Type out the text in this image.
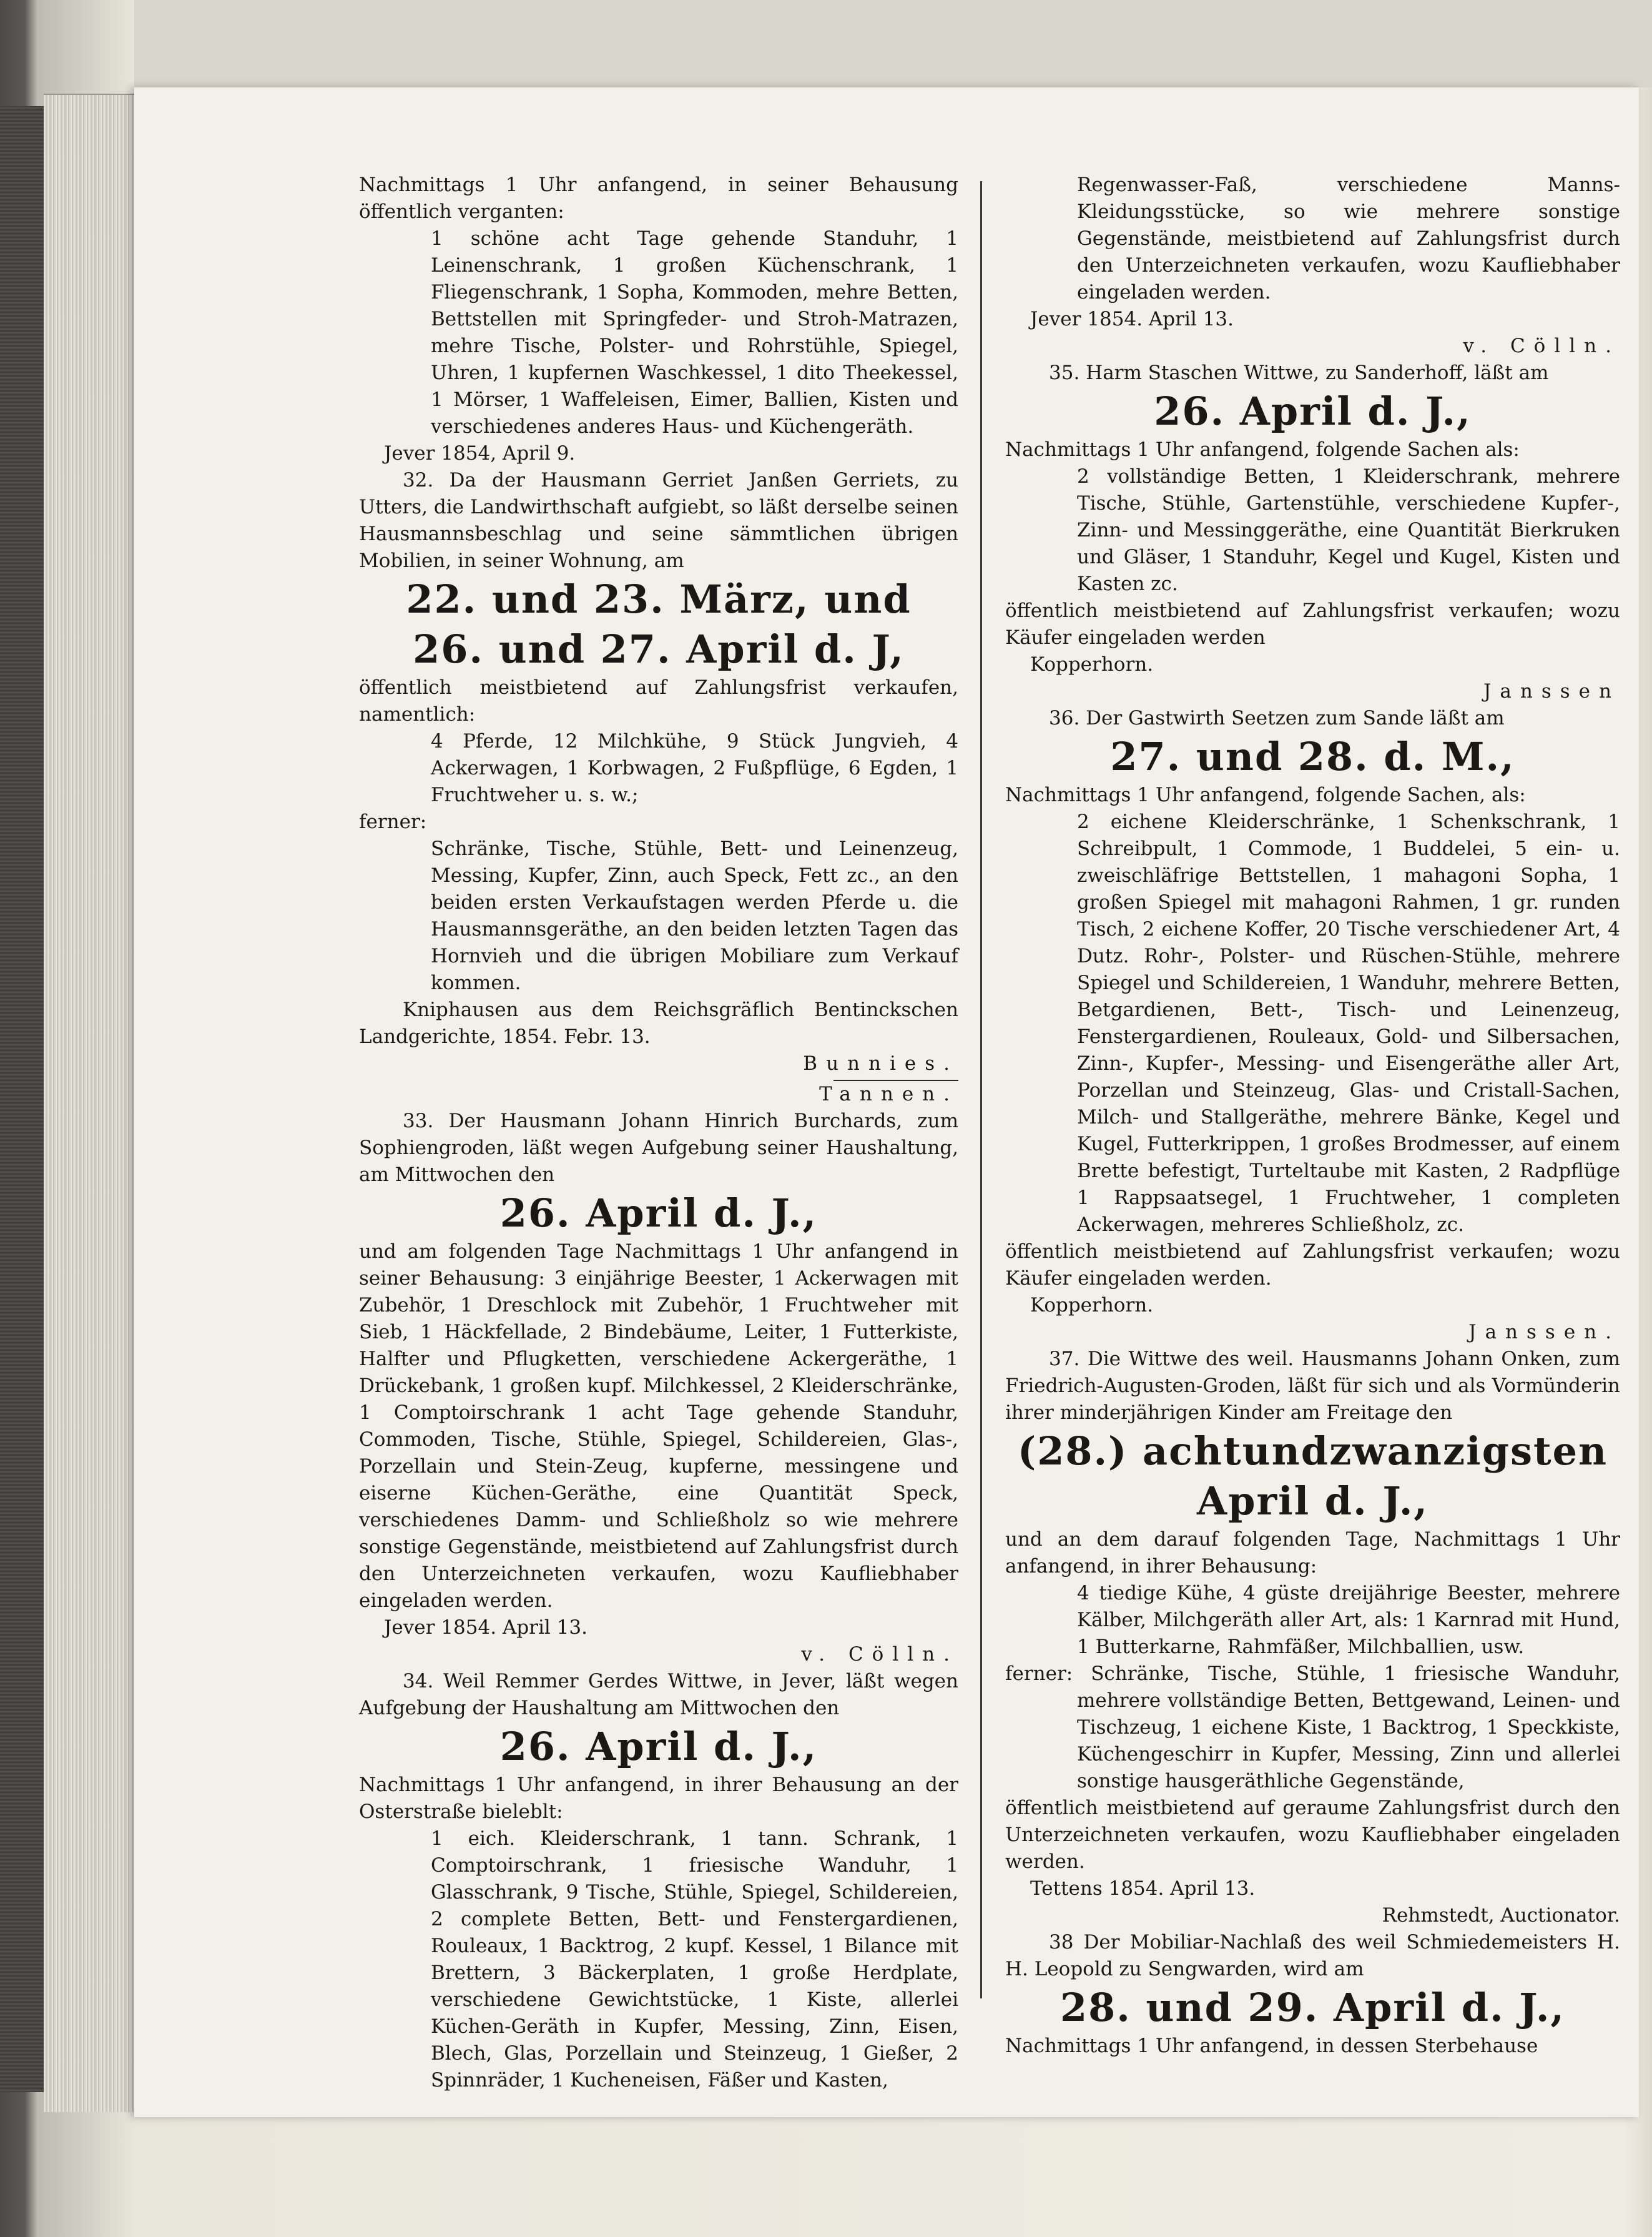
Nachmittags 1 Uhr anfangend, in seiner Behausung öffentlich verganten:

1 schöne acht Tage gehende Standuhr, 1 Leinenschrank, 1 großen Küchenschrank, 1 Fliegenschrank, 1 Sopha, Kommoden, mehre Betten, Bettstellen mit Springfeder- und Stroh-Matrazen, mehre Tische, Polster- und Rohrstühle, Spiegel, Uhren, 1 kupfernen Waschkessel, 1 dito Theekessel, 1 Mörser, 1 Waffeleisen, Eimer, Ballien, Kisten und verschiedenes anderes Haus- und Küchengeräth.

Jever 1854, April 9.

32. Da der Hausmann Gerriet Janßen Gerriets, zu Utters, die Landwirthschaft aufgiebt, so läßt derselbe seinen Hausmannsbeschlag und seine sämmtlichen übrigen Mobilien, in seiner Wohnung, am

22. und 23. März, und

26. und 27. April d. J,

öffentlich meistbietend auf Zahlungsfrist verkaufen, namentlich:

4 Pferde, 12 Milchkühe, 9 Stück Jungvieh, 4 Ackerwagen, 1 Korbwagen, 2 Fußpflüge, 6 Egden, 1 Fruchtweher u. s. w.;

ferner:

Schränke, Tische, Stühle, Bett- und Leinenzeug, Messing, Kupfer, Zinn, auch Speck, Fett zc., an den beiden ersten Verkaufstagen werden Pferde u. die Hausmannsgeräthe, an den beiden letzten Tagen das Hornvieh und die übrigen Mobiliare zum Verkauf kommen.

Kniphausen aus dem Reichsgräflich Bentinckschen Landgerichte, 1854. Febr. 13.

Bunnies.

Tannen.

33. Der Hausmann Johann Hinrich Burchards, zum Sophiengroden, läßt wegen Aufgebung seiner Haushaltung, am Mittwochen den

26. April d. J.,

und am folgenden Tage Nachmittags 1 Uhr anfangend in seiner Behausung: 3 einjährige Beester, 1 Ackerwagen mit Zubehör, 1 Dreschlock mit Zubehör, 1 Fruchtweher mit Sieb, 1 Häckfellade, 2 Bindebäume, Leiter, 1 Futterkiste, Halfter und Pflugketten, verschiedene Ackergeräthe, 1 Drückebank, 1 großen kupf. Milchkessel, 2 Kleiderschränke, 1 Comptoirschrank 1 acht Tage gehende Standuhr, Commoden, Tische, Stühle, Spiegel, Schildereien, Glas-, Porzellain und Stein-Zeug, kupferne, messingene und eiserne Küchen-Geräthe, eine Quantität Speck, verschiedenes Damm- und Schließholz so wie mehrere sonstige Gegenstände, meistbietend auf Zahlungsfrist durch den Unterzeichneten verkaufen, wozu Kaufliebhaber eingeladen werden.

Jever 1854. April 13.

v. Cölln.

34. Weil Remmer Gerdes Wittwe, in Jever, läßt wegen Aufgebung der Haushaltung am Mittwochen den

26. April d. J.,

Nachmittags 1 Uhr anfangend, in ihrer Behausung an der Osterstraße bieleblt:

1 eich. Kleiderschrank, 1 tann. Schrank, 1 Comptoirschrank, 1 friesische Wanduhr, 1 Glasschrank, 9 Tische, Stühle, Spiegel, Schildereien, 2 complete Betten, Bett- und Fenstergardienen, Rouleaux, 1 Backtrog, 2 kupf. Kessel, 1 Bilance mit Brettern, 3 Bäckerplaten, 1 große Herdplate, verschiedene Gewichtstücke, 1 Kiste, allerlei Küchen-Geräth in Kupfer, Messing, Zinn, Eisen, Blech, Glas, Porzellain und Steinzeug, 1 Gießer, 2 Spinnräder, 1 Kucheneisen, Fäßer und Kasten,

Regenwasser-Faß, verschiedene Manns-Kleidungsstücke, so wie mehrere sonstige Gegenstände, meistbietend auf Zahlungsfrist durch den Unterzeichneten verkaufen, wozu Kaufliebhaber eingeladen werden.

Jever 1854. April 13.

v. Cölln.

35. Harm Staschen Wittwe, zu Sanderhoff, läßt am

26. April d. J.,

Nachmittags 1 Uhr anfangend, folgende Sachen als:

2 vollständige Betten, 1 Kleiderschrank, mehrere Tische, Stühle, Gartenstühle, verschiedene Kupfer-, Zinn- und Messinggeräthe, eine Quantität Bierkruken und Gläser, 1 Standuhr, Kegel und Kugel, Kisten und Kasten zc.

öffentlich meistbietend auf Zahlungsfrist verkaufen; wozu Käufer eingeladen werden

Kopperhorn.

Janssen

36. Der Gastwirth Seetzen zum Sande läßt am

27. und 28. d. M.,

Nachmittags 1 Uhr anfangend, folgende Sachen, als:

2 eichene Kleiderschränke, 1 Schenkschrank, 1 Schreibpult, 1 Commode, 1 Buddelei, 5 ein- u. zweischläfrige Bettstellen, 1 mahagoni Sopha, 1 großen Spiegel mit mahagoni Rahmen, 1 gr. runden Tisch, 2 eichene Koffer, 20 Tische verschiedener Art, 4 Dutz. Rohr-, Polster- und Rüschen-Stühle, mehrere Spiegel und Schildereien, 1 Wanduhr, mehrere Betten, Betgardienen, Bett-, Tisch- und Leinenzeug, Fenstergardienen, Rouleaux, Gold- und Silbersachen, Zinn-, Kupfer-, Messing- und Eisengeräthe aller Art, Porzellan und Steinzeug, Glas- und Cristall-Sachen, Milch- und Stallgeräthe, mehrere Bänke, Kegel und Kugel, Futterkrippen, 1 großes Brodmesser, auf einem Brette befestigt, Turteltaube mit Kasten, 2 Radpflüge 1 Rappsaatsegel, 1 Fruchtweher, 1 completen Ackerwagen, mehreres Schließholz, zc.

öffentlich meistbietend auf Zahlungsfrist verkaufen; wozu Käufer eingeladen werden.

Kopperhorn.

Janssen.

37. Die Wittwe des weil. Hausmanns Johann Onken, zum Friedrich-Augusten-Groden, läßt für sich und als Vormünderin ihrer minderjährigen Kinder am Freitage den

(28.) achtundzwanzigsten April d. J.,

und an dem darauf folgenden Tage, Nachmittags 1 Uhr anfangend, in ihrer Behausung:

4 tiedige Kühe, 4 güste dreijährige Beester, mehrere Kälber, Milchgeräth aller Art, als: 1 Karnrad mit Hund, 1 Butterkarne, Rahmfäßer, Milchballien, usw.

ferner: Schränke, Tische, Stühle, 1 friesische Wanduhr, mehrere vollständige Betten, Bettgewand, Leinen- und Tischzeug, 1 eichene Kiste, 1 Backtrog, 1 Speckkiste, Küchengeschirr in Kupfer, Messing, Zinn und allerlei sonstige hausgeräthliche Gegenstände,

öffentlich meistbietend auf geraume Zahlungsfrist durch den Unterzeichneten verkaufen, wozu Kaufliebhaber eingeladen werden.

Tettens 1854. April 13.

Rehmstedt, Auctionator.

38 Der Mobiliar-Nachlaß des weil Schmiedemeisters H. H. Leopold zu Sengwarden, wird am

28. und 29. April d. J.,

Nachmittags 1 Uhr anfangend, in dessen Sterbehause
